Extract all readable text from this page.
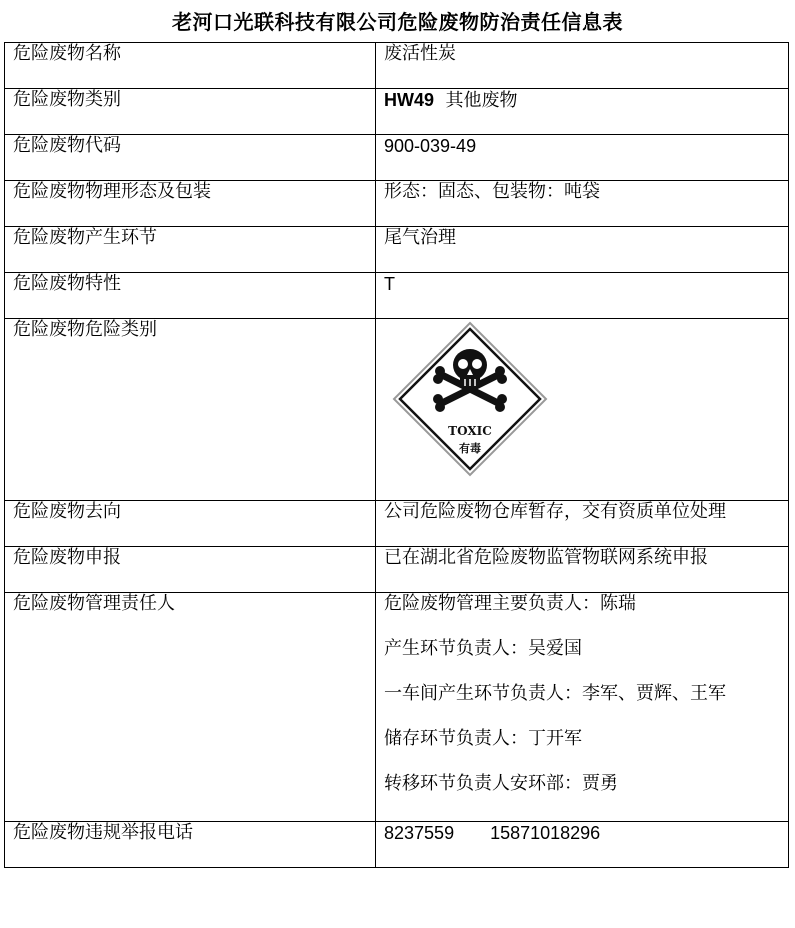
老河口光联科技有限公司危险废物防治责任信息表
危险废物名称	废活性炭
危险废物类别	HW49 其他废物
危险废物代码	900-039-49
危险废物物理形态及包装	形态：固态、包装物：吨袋
危险废物产生环节	尾气治理
危险废物特性	T
危险废物危险类别	TOXIC
有毒

危险废物去向	公司危险废物仓库暂存，交有资质单位处理
危险废物申报	已在湖北省危险废物监管物联网系统申报
危险废物管理责任人	危险废物管理主要负责人：陈瑞
产生环节负责人：吴爱国
一车间产生环节负责人：李军、贾辉、王军
储存环节负责人：丁开军
转移环节负责人安环部：贾勇

危险废物违规举报电话	8237559 15871018296
